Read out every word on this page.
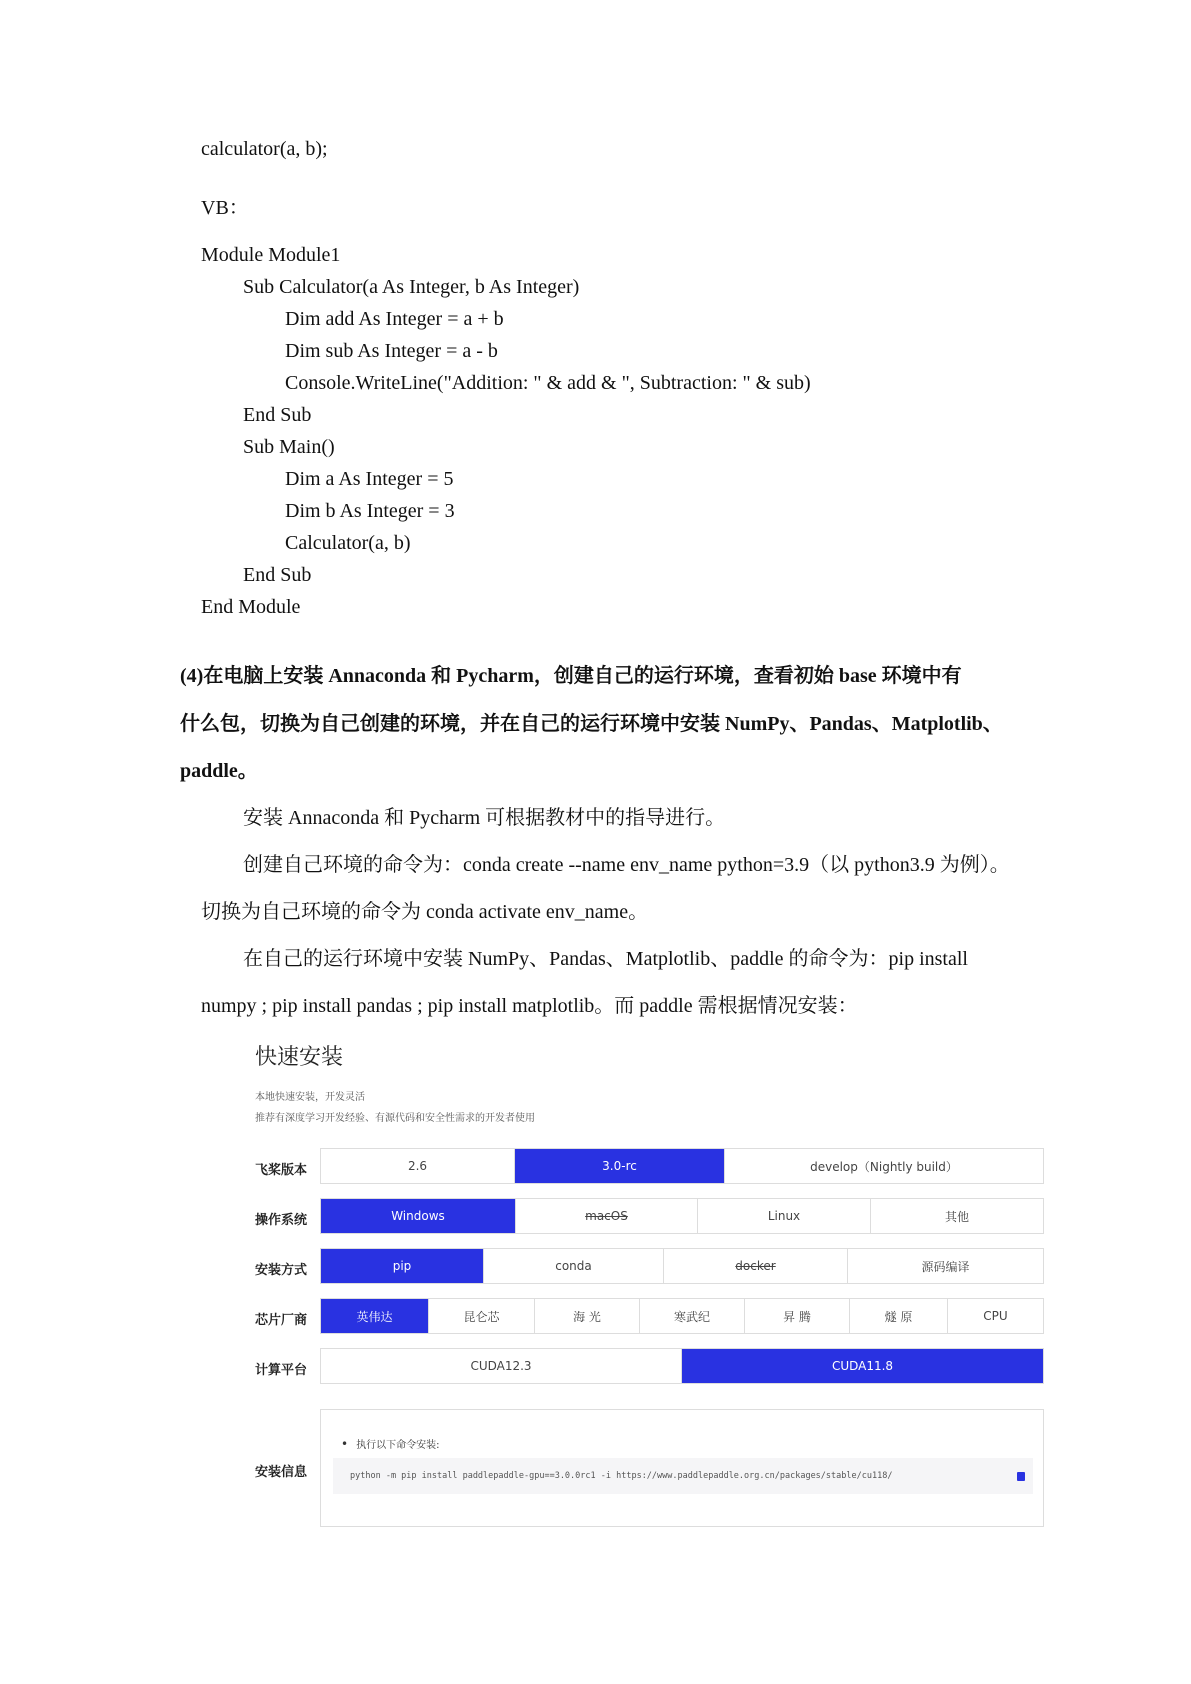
calculator(a, b);
VB：
Module Module1
Sub Calculator(a As Integer, b As Integer)
Dim add As Integer = a + b
Dim sub As Integer = a - b
Console.WriteLine("Addition: " & add & ", Subtraction: " & sub)
End Sub
Sub Main()
Dim a As Integer = 5
Dim b As Integer = 3
Calculator(a, b)
End Sub
End Module
(4)在电脑上安装 Annaconda 和 Pycharm，创建自己的运行环境，查看初始 base 环境中有
什么包，切换为自己创建的环境，并在自己的运行环境中安装 NumPy、Pandas、Matplotlib、
paddle。
安装 Annaconda 和 Pycharm 可根据教材中的指导进行。
创建自己环境的命令为：conda create --name env_name python=3.9（以 python3.9 为例）。
切换为自己环境的命令为 conda activate env_name。
在自己的运行环境中安装 NumPy、Pandas、Matplotlib、paddle 的命令为：pip install
numpy ; pip install pandas ; pip install matplotlib。而 paddle 需根据情况安装：
快速安装
本地快速安装，开发灵活
推荐有深度学习开发经验、有源代码和安全性需求的开发者使用
飞桨版本	2.6	3.0-rc	develop（Nightly build）
操作系统	Windows	macOS	Linux	其他
安装方式	pip	conda	docker	源码编译
芯片厂商	英伟达	昆仑芯	海 光	寒武纪	昇 腾	燧 原	CPU
计算平台	CUDA12.3	CUDA11.8
安装信息
• 执行以下命令安装:
python -m pip install paddlepaddle-gpu==3.0.0rc1 -i https://www.paddlepaddle.org.cn/packages/stable/cu118/
